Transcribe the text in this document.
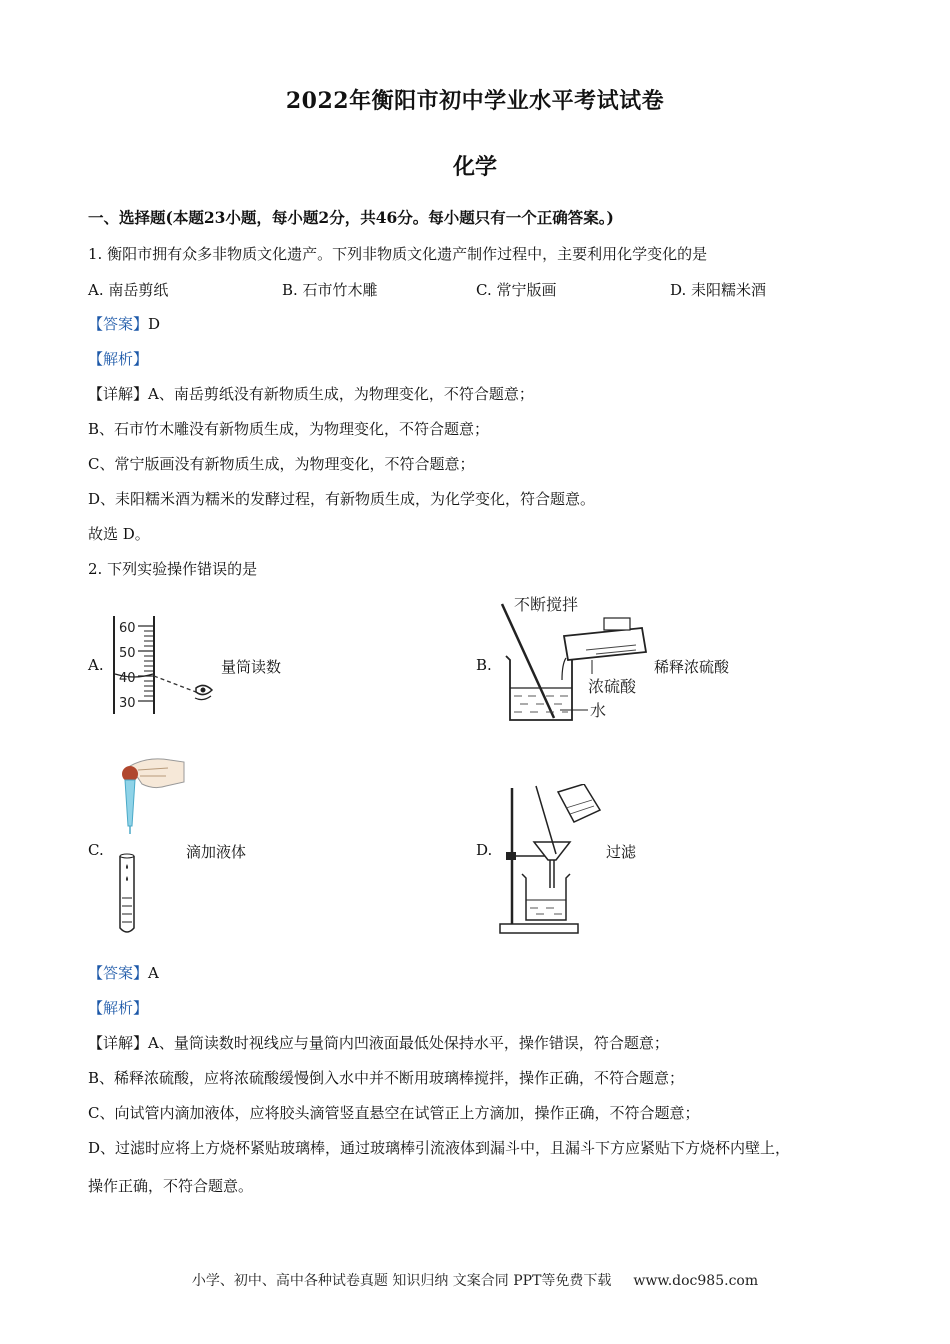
2022年衡阳市初中学业水平考试试卷
化学
一、选择题(本题23小题，每小题2分，共46分。每小题只有一个正确答案。)
1. 衡阳市拥有众多非物质文化遗产。下列非物质文化遗产制作过程中，主要利用化学变化的是
A. 南岳剪纸	B. 石市竹木雕	C. 常宁版画	D. 耒阳糯米酒
【答案】D
【解析】
【详解】A、南岳剪纸没有新物质生成，为物理变化，不符合题意；
B、石市竹木雕没有新物质生成，为物理变化，不符合题意；
C、常宁版画没有新物质生成，为物理变化，不符合题意；
D、耒阳糯米酒为糯米的发酵过程，有新物质生成，为化学变化，符合题意。
故选 D。
2. 下列实验操作错误的是
A.
60
50
40
30
量筒读数	B.
不断搅拌
浓硫酸
水
稀释浓硫酸
C.	滴加液体	D.	过滤
【答案】A
【解析】
【详解】A、量筒读数时视线应与量筒内凹液面最低处保持水平，操作错误，符合题意；
B、稀释浓硫酸，应将浓硫酸缓慢倒入水中并不断用玻璃棒搅拌，操作正确，不符合题意；
C、向试管内滴加液体，应将胶头滴管竖直悬空在试管正上方滴加，操作正确，不符合题意；
D、过滤时应将上方烧杯紧贴玻璃棒，通过玻璃棒引流液体到漏斗中，且漏斗下方应紧贴下方烧杯内壁上，
操作正确，不符合题意。
小学、初中、高中各种试卷真题 知识归纳 文案合同 PPT等免费下载 www.doc985.com
